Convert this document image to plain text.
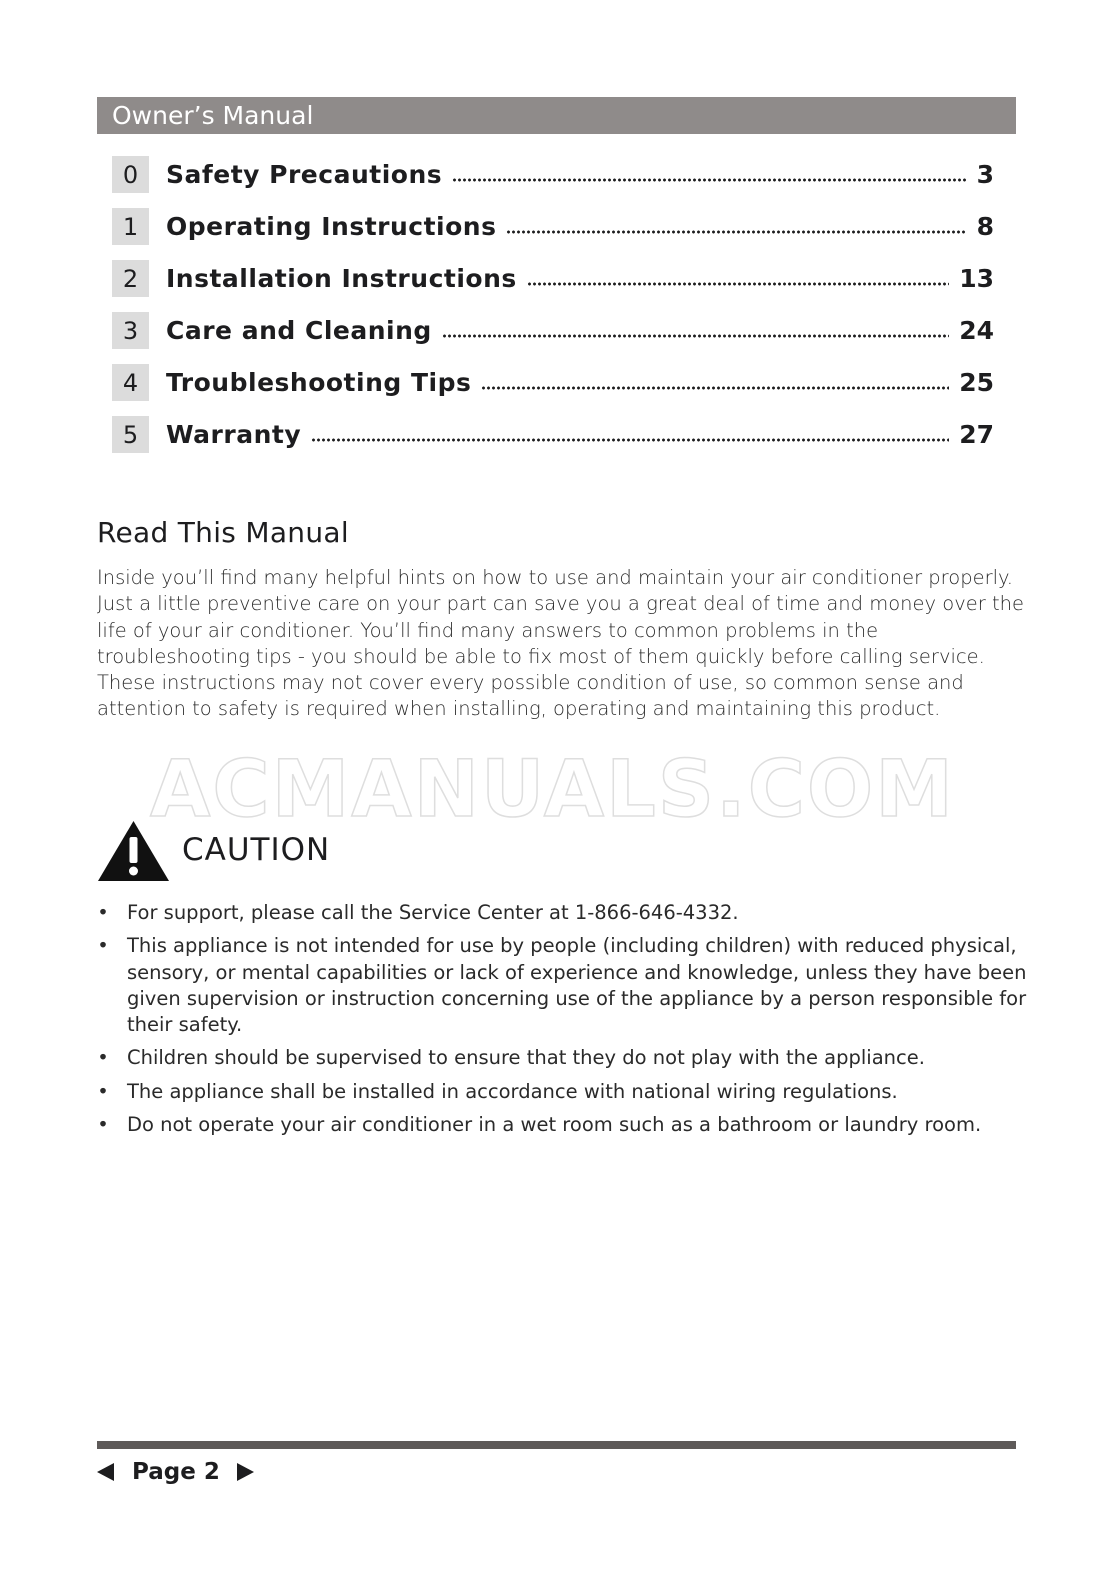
Owner’s Manual
0	Safety Precautions	3
1	Operating Instructions	8
2	Installation Instructions	13
3	Care and Cleaning	24
4	Troubleshooting Tips	25
5	Warranty	27
Read This Manual

Inside you’ll find many helpful hints on how to use and maintain your air conditioner properly. Just a little preventive care on your part can save you a great deal of time and money over the life of your air conditioner. You’ll find many answers to common problems in the troubleshooting tips - you should be able to fix most of them quickly before calling service. These instructions may not cover every possible condition of use, so common sense and attention to safety is required when installing, operating and maintaining this product.

ACMANUALS.COM
CAUTION
• For support, please call the Service Center at 1-866-646-4332.
• This appliance is not intended for use by people (including children) with reduced physical, sensory, or mental capabilities or lack of experience and knowledge, unless they have been given supervision or instruction concerning use of the appliance by a person responsible for their safety.
• Children should be supervised to ensure that they do not play with the appliance.
• The appliance shall be installed in accordance with national wiring regulations.
• Do not operate your air conditioner in a wet room such as a bathroom or laundry room.
Page 2
